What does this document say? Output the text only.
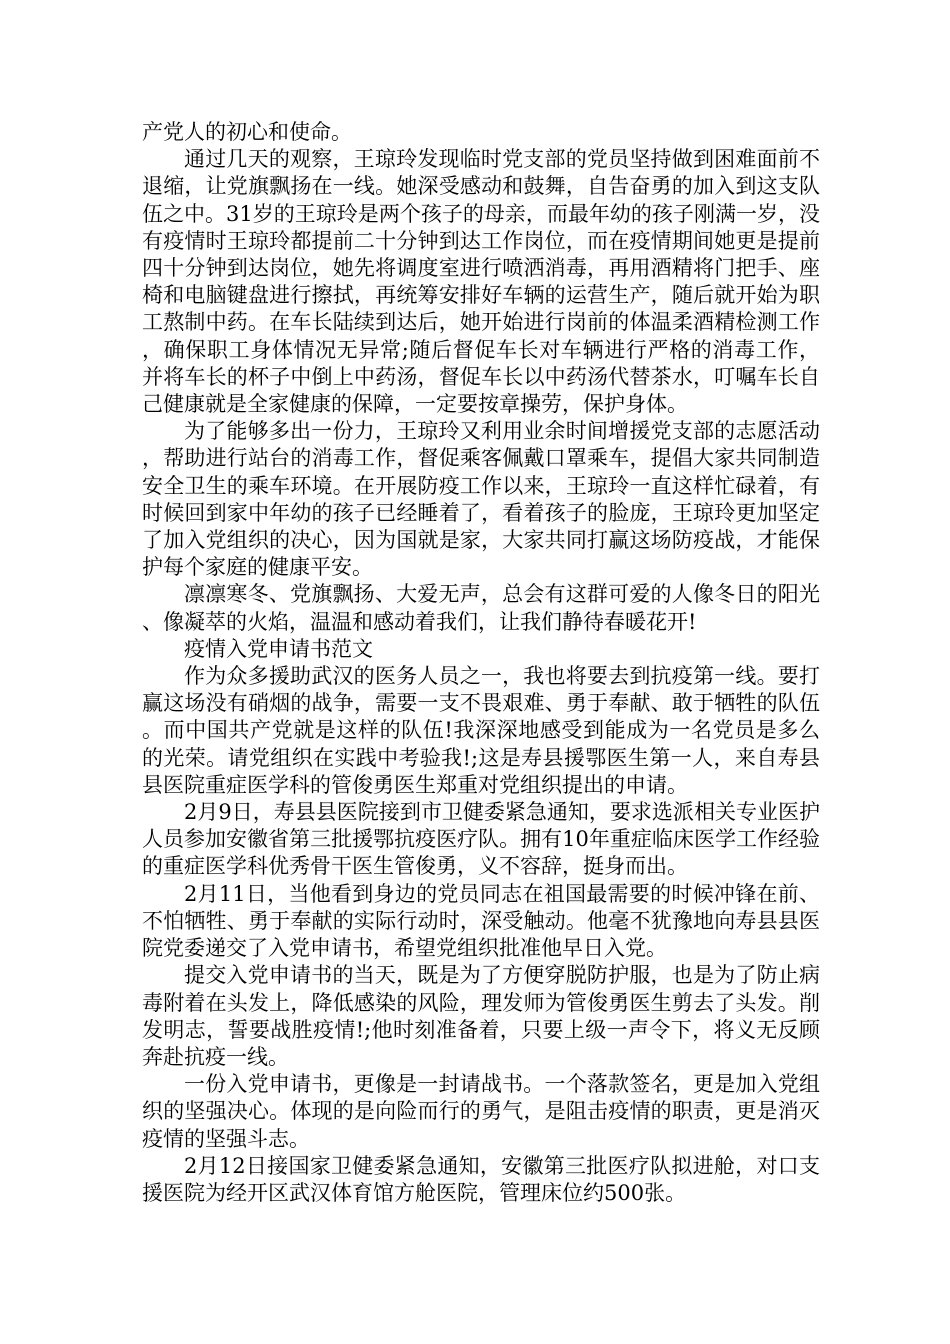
产党人的初心和使命。

通过几天的观察，王琼玲发现临时党支部的党员坚持做到困难面前不退缩，让党旗飘扬在一线。她深受感动和鼓舞，自告奋勇的加入到这支队伍之中。31岁的王琼玲是两个孩子的母亲，而最年幼的孩子刚满一岁，没有疫情时王琼玲都提前二十分钟到达工作岗位，而在疫情期间她更是提前四十分钟到达岗位，她先将调度室进行喷洒消毒，再用酒精将门把手、座椅和电脑键盘进行擦拭，再统筹安排好车辆的运营生产，随后就开始为职工熬制中药。在车长陆续到达后，她开始进行岗前的体温柔酒精检测工作，确保职工身体情况无异常;随后督促车长对车辆进行严格的消毒工作，并将车长的杯子中倒上中药汤，督促车长以中药汤代替茶水，叮嘱车长自己健康就是全家健康的保障，一定要按章操劳，保护身体。

为了能够多出一份力，王琼玲又利用业余时间增援党支部的志愿活动，帮助进行站台的消毒工作，督促乘客佩戴口罩乘车，提倡大家共同制造安全卫生的乘车环境。在开展防疫工作以来，王琼玲一直这样忙碌着，有时候回到家中年幼的孩子已经睡着了，看着孩子的脸庞，王琼玲更加坚定了加入党组织的决心，因为国就是家，大家共同打赢这场防疫战，才能保护每个家庭的健康平安。

凛凛寒冬、党旗飘扬、大爱无声，总会有这群可爱的人像冬日的阳光、像凝萃的火焰，温温和感动着我们，让我们静待春暖花开!

疫情入党申请书范文

作为众多援助武汉的医务人员之一，我也将要去到抗疫第一线。要打赢这场没有硝烟的战争，需要一支不畏艰难、勇于奉献、敢于牺牲的队伍。而中国共产党就是这样的队伍!我深深地感受到能成为一名党员是多么的光荣。请党组织在实践中考验我!;这是寿县援鄂医生第一人，来自寿县县医院重症医学科的管俊勇医生郑重对党组织提出的申请。

2月9日，寿县县医院接到市卫健委紧急通知，要求选派相关专业医护人员参加安徽省第三批援鄂抗疫医疗队。拥有10年重症临床医学工作经验的重症医学科优秀骨干医生管俊勇，义不容辞，挺身而出。

2月11日，当他看到身边的党员同志在祖国最需要的时候冲锋在前、不怕牺牲、勇于奉献的实际行动时，深受触动。他毫不犹豫地向寿县县医院党委递交了入党申请书，希望党组织批准他早日入党。

提交入党申请书的当天，既是为了方便穿脱防护服，也是为了防止病毒附着在头发上，降低感染的风险，理发师为管俊勇医生剪去了头发。削发明志，誓要战胜疫情!;他时刻准备着，只要上级一声令下，将义无反顾奔赴抗疫一线。

一份入党申请书，更像是一封请战书。一个落款签名，更是加入党组织的坚强决心。体现的是向险而行的勇气，是阻击疫情的职责，更是消灭疫情的坚强斗志。

2月12日接国家卫健委紧急通知，安徽第三批医疗队拟进舱，对口支援医院为经开区武汉体育馆方舱医院，管理床位约500张。
